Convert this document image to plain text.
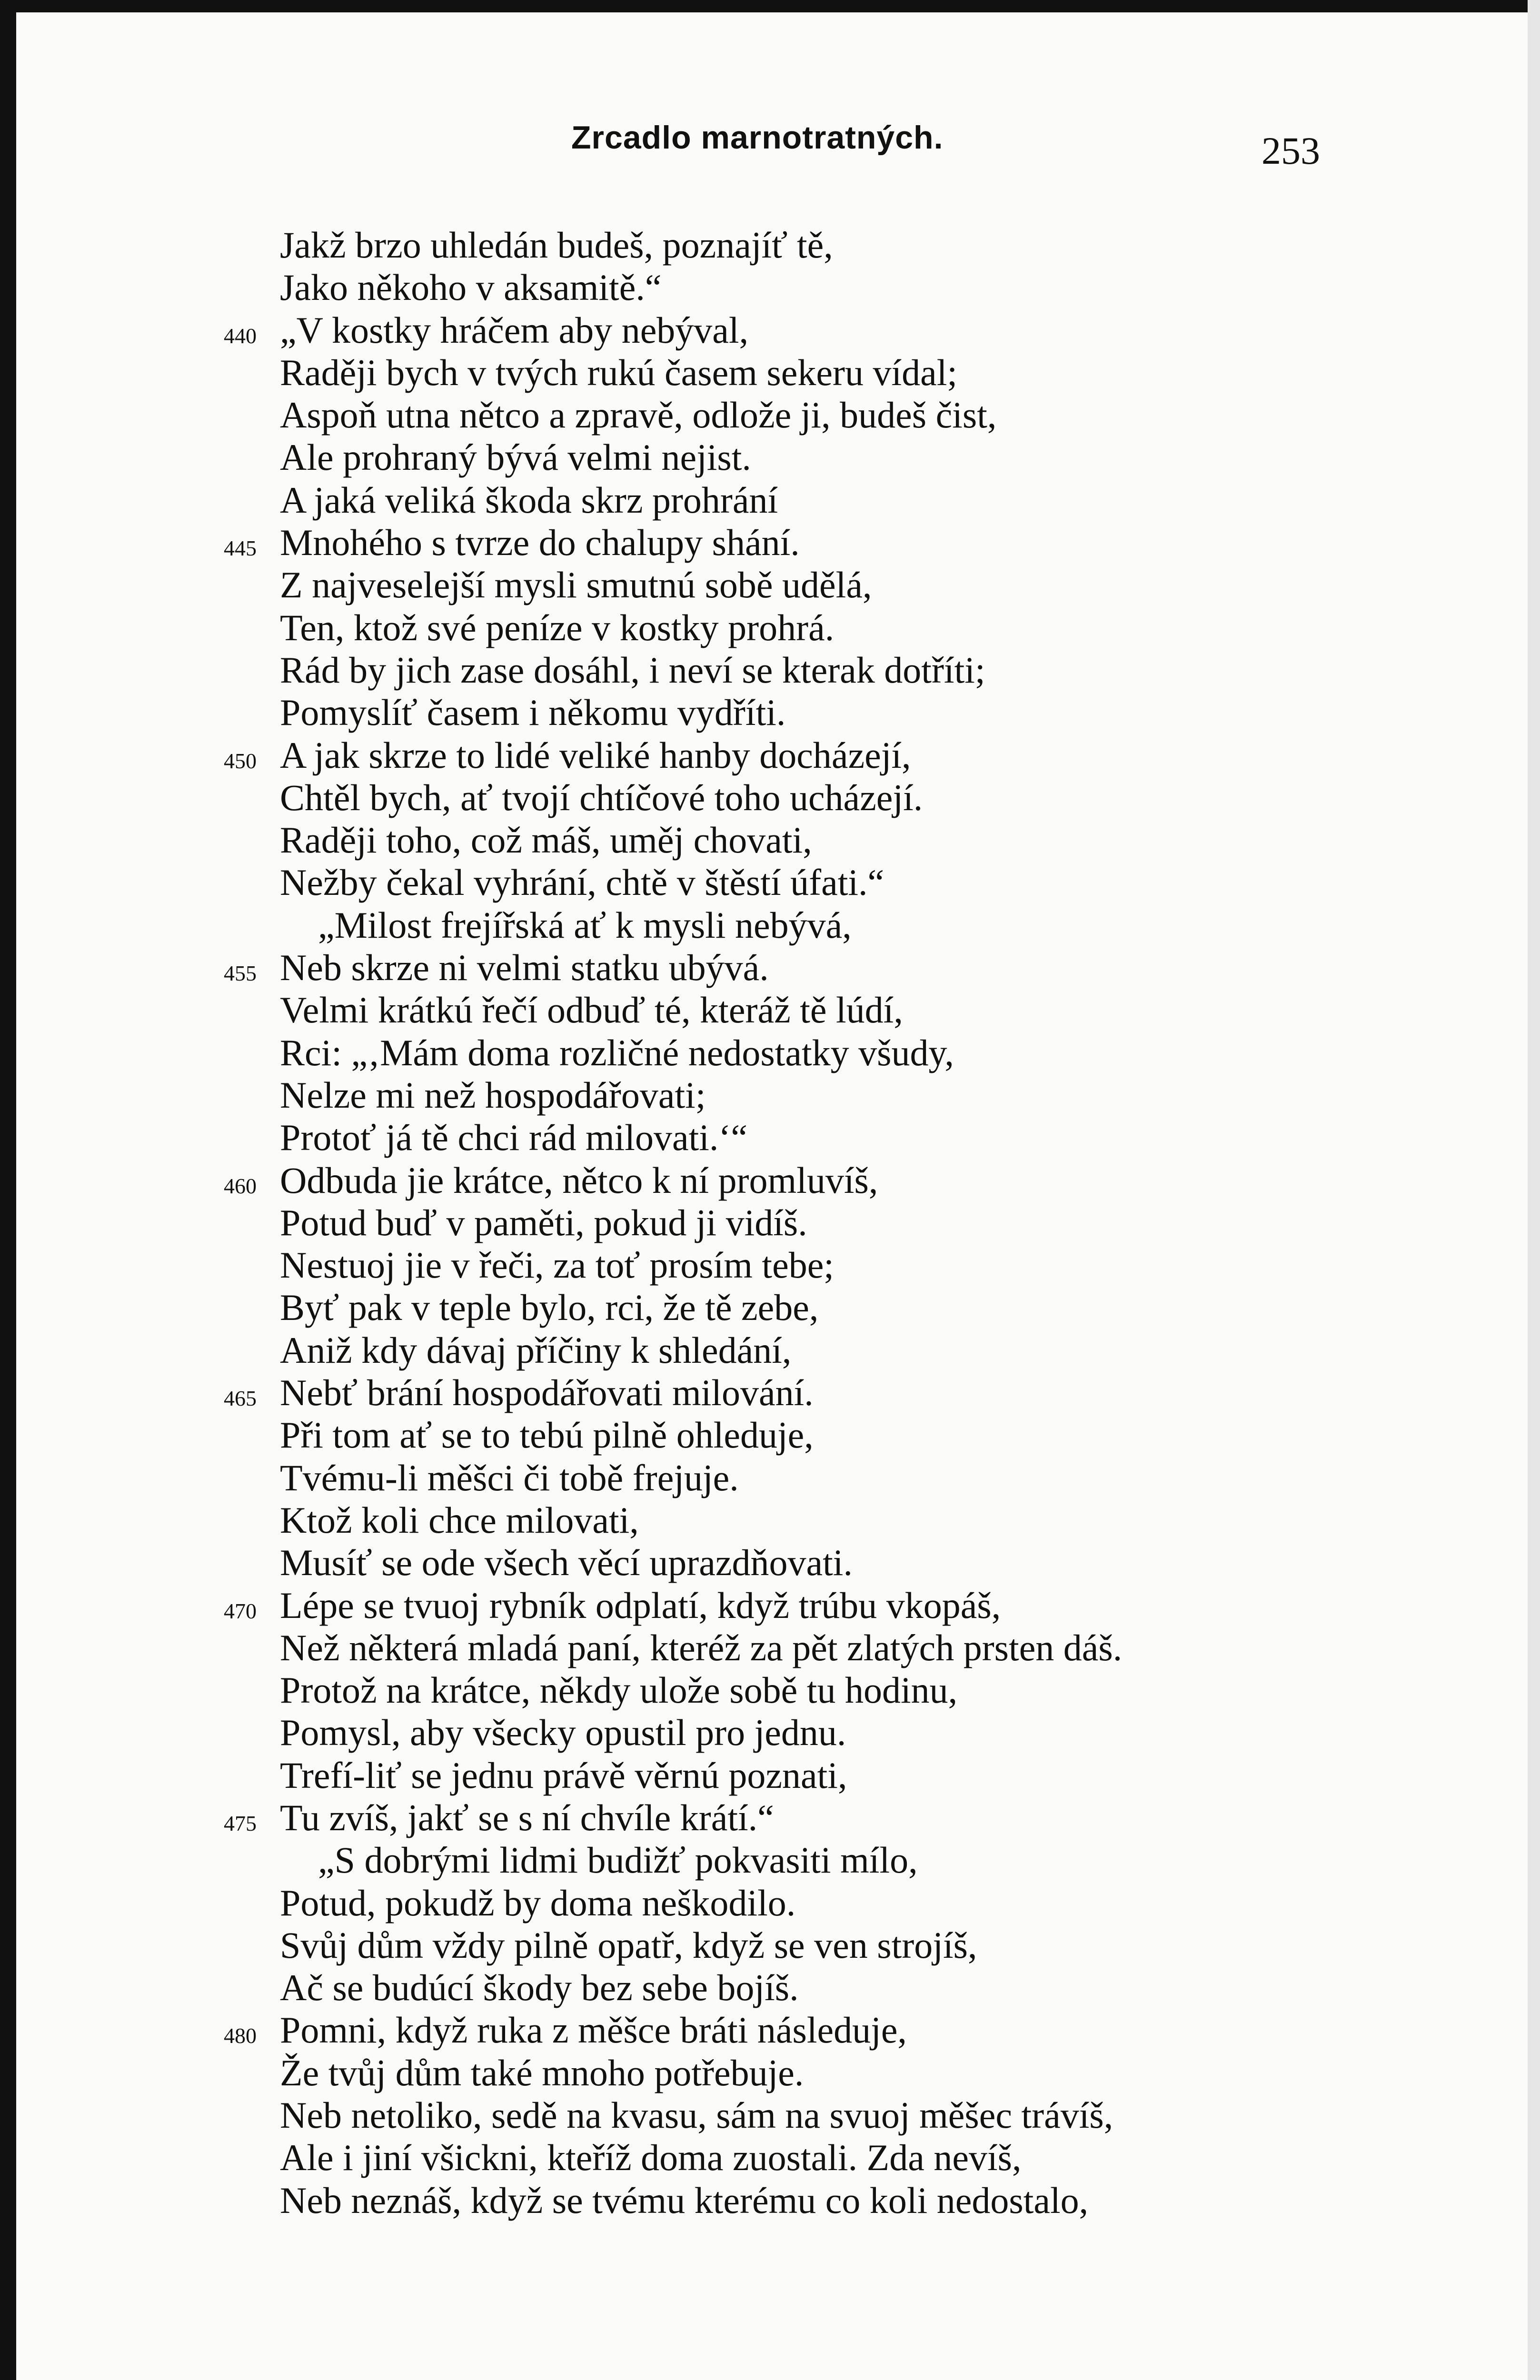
Zrcadlo marnotratných.	253
Jakž brzo uhledán budeš, poznajíť tě,
Jako někoho v aksamitě.“
440 „V kostky hráčem aby nebýval,
Raději bych v tvých rukú časem sekeru vídal;
Aspoň utna nětco a zpravě, odlože ji, budeš čist,
Ale prohraný bývá velmi nejist.
A jaká veliká škoda skrz prohrání
445 Mnohého s tvrze do chalupy shání.
Z najveselejší mysli smutnú sobě udělá,
Ten, ktož své peníze v kostky prohrá.
Rád by jich zase dosáhl, i neví se kterak dotříti;
Pomyslíť časem i někomu vydříti.
450 A jak skrze to lidé veliké hanby docházejí,
Chtěl bych, ať tvojí chtíčové toho ucházejí.
Raději toho, což máš, uměj chovati,
Nežby čekal vyhrání, chtě v štěstí úfati.“
„Milost frejířská ať k mysli nebývá,
455 Neb skrze ni velmi statku ubývá.
Velmi krátkú řečí odbuď té, kteráž tě lúdí,
Rci: „‚Mám doma rozličné nedostatky všudy,
Nelze mi než hospodářovati;
Protoť já tě chci rád milovati.‘“
460 Odbuda jie krátce, nětco k ní promluvíš,
Potud buď v paměti, pokud ji vidíš.
Nestuoj jie v řeči, za toť prosím tebe;
Byť pak v teple bylo, rci, že tě zebe,
Aniž kdy dávaj příčiny k shledání,
465 Nebť brání hospodářovati milování.
Při tom ať se to tebú pilně ohleduje,
Tvému-li měšci či tobě frejuje.
Ktož koli chce milovati,
Musíť se ode všech věcí uprazdňovati.
470 Lépe se tvuoj rybník odplatí, když trúbu vkopáš,
Než některá mladá paní, kteréž za pět zlatých prsten dáš.
Protož na krátce, někdy ulože sobě tu hodinu,
Pomysl, aby všecky opustil pro jednu.
Trefí-liť se jednu právě věrnú poznati,
475 Tu zvíš, jakť se s ní chvíle krátí.“
„S dobrými lidmi budižť pokvasiti mílo,
Potud, pokudž by doma neškodilo.
Svůj dům vždy pilně opatř, když se ven strojíš,
Ač se budúcí škody bez sebe bojíš.
480 Pomni, když ruka z měšce bráti následuje,
Že tvůj dům také mnoho potřebuje.
Neb netoliko, sedě na kvasu, sám na svuoj měšec trávíš,
Ale i jiní všickni, kteříž doma zuostali. Zda nevíš,
Neb neznáš, když se tvému kterému co koli nedostalo,
